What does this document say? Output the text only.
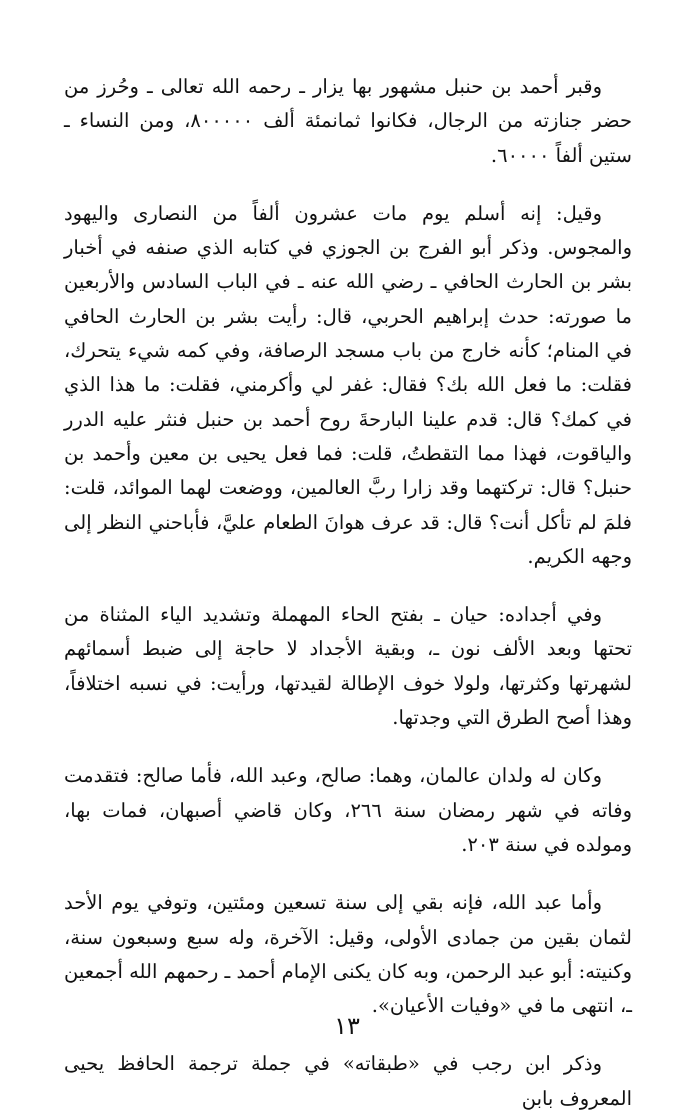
وقبر أحمد بن حنبل مشهور بها يزار ـ رحمه الله تعالى ـ وحُرز من حضر جنازته من الرجال، فكانوا ثمانمئة ألف ٨٠٠٠٠٠، ومن النساء ـ ستين ألفاً ٦٠٠٠٠.

وقيل: إنه أسلم يوم مات عشرون ألفاً من النصارى واليهود والمجوس. وذكر أبو الفرج بن الجوزي في كتابه الذي صنفه في أخبار بشر بن الحارث الحافي ـ رضي الله عنه ـ في الباب السادس والأربعين ما صورته: حدث إبراهيم الحربي، قال: رأيت بشر بن الحارث الحافي في المنام؛ كأنه خارج من باب مسجد الرصافة، وفي كمه شيء يتحرك، فقلت: ما فعل الله بك؟ فقال: غفر لي وأكرمني، فقلت: ما هذا الذي في كمك؟ قال: قدم علينا البارحةَ روح أحمد بن حنبل فنثر عليه الدرر والياقوت، فهذا مما التقطتُ، قلت: فما فعل يحيى بن معين وأحمد بن حنبل؟ قال: تركتهما وقد زارا ربَّ العالمين، ووضعت لهما الموائد، قلت: فلمَ لم تأكل أنت؟ قال: قد عرف هوانَ الطعام عليَّ، فأباحني النظر إلى وجهه الكريم.

وفي أجداده: حيان ـ بفتح الحاء المهملة وتشديد الياء المثناة من تحتها وبعد الألف نون ـ، وبقية الأجداد لا حاجة إلى ضبط أسمائهم لشهرتها وكثرتها، ولولا خوف الإطالة لقيدتها، ورأيت: في نسبه اختلافاً، وهذا أصح الطرق التي وجدتها.

وكان له ولدان عالمان، وهما: صالح، وعبد الله، فأما صالح: فتقدمت وفاته في شهر رمضان سنة ٢٦٦، وكان قاضي أصبهان، فمات بها، ومولده في سنة ٢٠٣.

وأما عبد الله، فإنه بقي إلى سنة تسعين ومئتين، وتوفي يوم الأحد لثمان بقين من جمادى الأولى، وقيل: الآخرة، وله سبع وسبعون سنة، وكنيته: أبو عبد الرحمن، وبه كان يكنى الإمام أحمد ـ رحمهم الله أجمعين ـ، انتهى ما في «وفيات الأعيان».

وذكر ابن رجب في «طبقاته» في جملة ترجمة الحافظ يحيى المعروف بابن

١٣
